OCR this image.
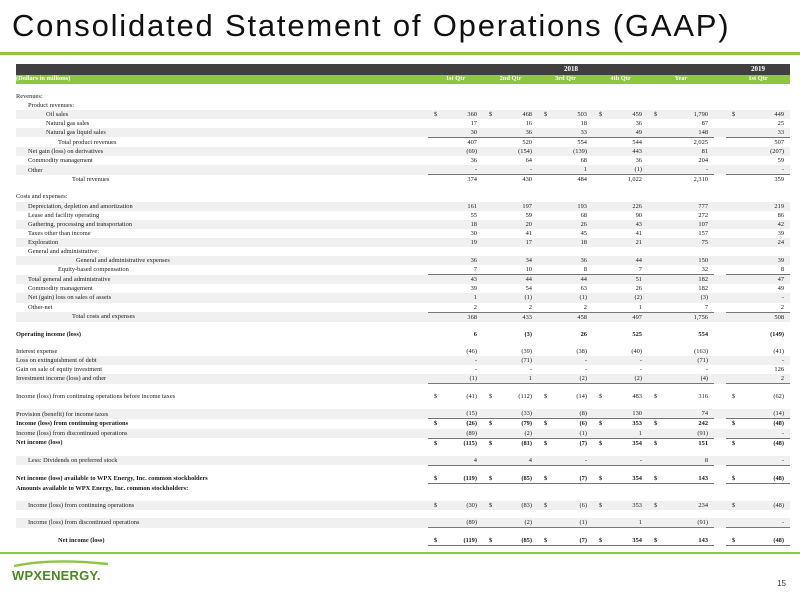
Consolidated Statement of Operations (GAAP)
	2018						2019
(Dollars in millions)	1st Qtr	2nd Qtr	3rd Qtr	4th Qtr	Year		1st Qtr

Revenues:							
Product revenues:							
Oil sales	$ 360	$ 468	$ 503	$ 459	$ 1,790		$ 449
Natural gas sales	17	16	18	36	87		25
Natural gas liquid sales	30	36	33	49	148		33
Total product revenues	407	520	554	544	2,025		507
Net gain (loss) on derivatives	(69)	(154)	(139)	443	81		(207)
Commodity management	36	64	68	36	204		59
Other	-	-	1	(1)	-		-
Total revenues	374	430	484	1,022	2,310		359

Costs and expenses:							
Depreciation, depletion and amortization	161	197	193	226	777		219
Lease and facility operating	55	59	68	90	272		86
Gathering, processing and transportation	18	20	26	43	107		42
Taxes other than income	30	41	45	41	157		39
Exploration	19	17	18	21	75		24
General and administrative:							
General and administrative expenses	36	34	36	44	150		39
Equity-based compensation	7	10	8	7	32		8
Total general and administrative	43	44	44	51	182		47
Commodity management	39	54	63	26	182		49
Net (gain) loss on sales of assets	1	(1)	(1)	(2)	(3)		-
Other-net	2	2	2	1	7		2
Total costs and expenses	368	433	458	497	1,756		508

Operating income (loss)	6	(3)	26	525	554		(149)

Interest expense	(46)	(39)	(38)	(40)	(163)		(41)
Loss on extinguishment of debt	-	(71)	-	-	(71)		-
Gain on sale of equity investment	-	-	-	-	-		126
Investment income (loss) and other	(1)	1	(2)	(2)	(4)		2

Income (loss) from continuing operations before income taxes	$ (41)	$ (112)	$ (14)	$ 483	$ 316		$ (62)

Provision (benefit) for income taxes	(15)	(33)	(8)	130	74		(14)
Income (loss) from continuing operations	$ (26)	$ (79)	$ (6)	$ 353	$ 242		$ (48)
Income (loss) from discontinued operations	(89)	(2)	(1)	1	(91)		-
Net income (loss)	$ (115)	$ (81)	$ (7)	$ 354	$ 151		$ (48)

Less: Dividends on preferred stock	4	4	-	-	8		-

Net income (loss) available to WPX Energy, Inc. common stockholders	$ (119)	$ (85)	$ (7)	$ 354	$ 143		$ (48)
Amounts available to WPX Energy, Inc. common stockholders:							

Income (loss) from continuing operations	$ (30)	$ (83)	$ (6)	$ 353	$ 234		$ (48)

Income (loss) from discontinued operations	(89)	(2)	(1)	1	(91)		-

Net income (loss)	$ (119)	$ (85)	$ (7)	$ 354	$ 143		$ (48)
WPXENERGY.
15
